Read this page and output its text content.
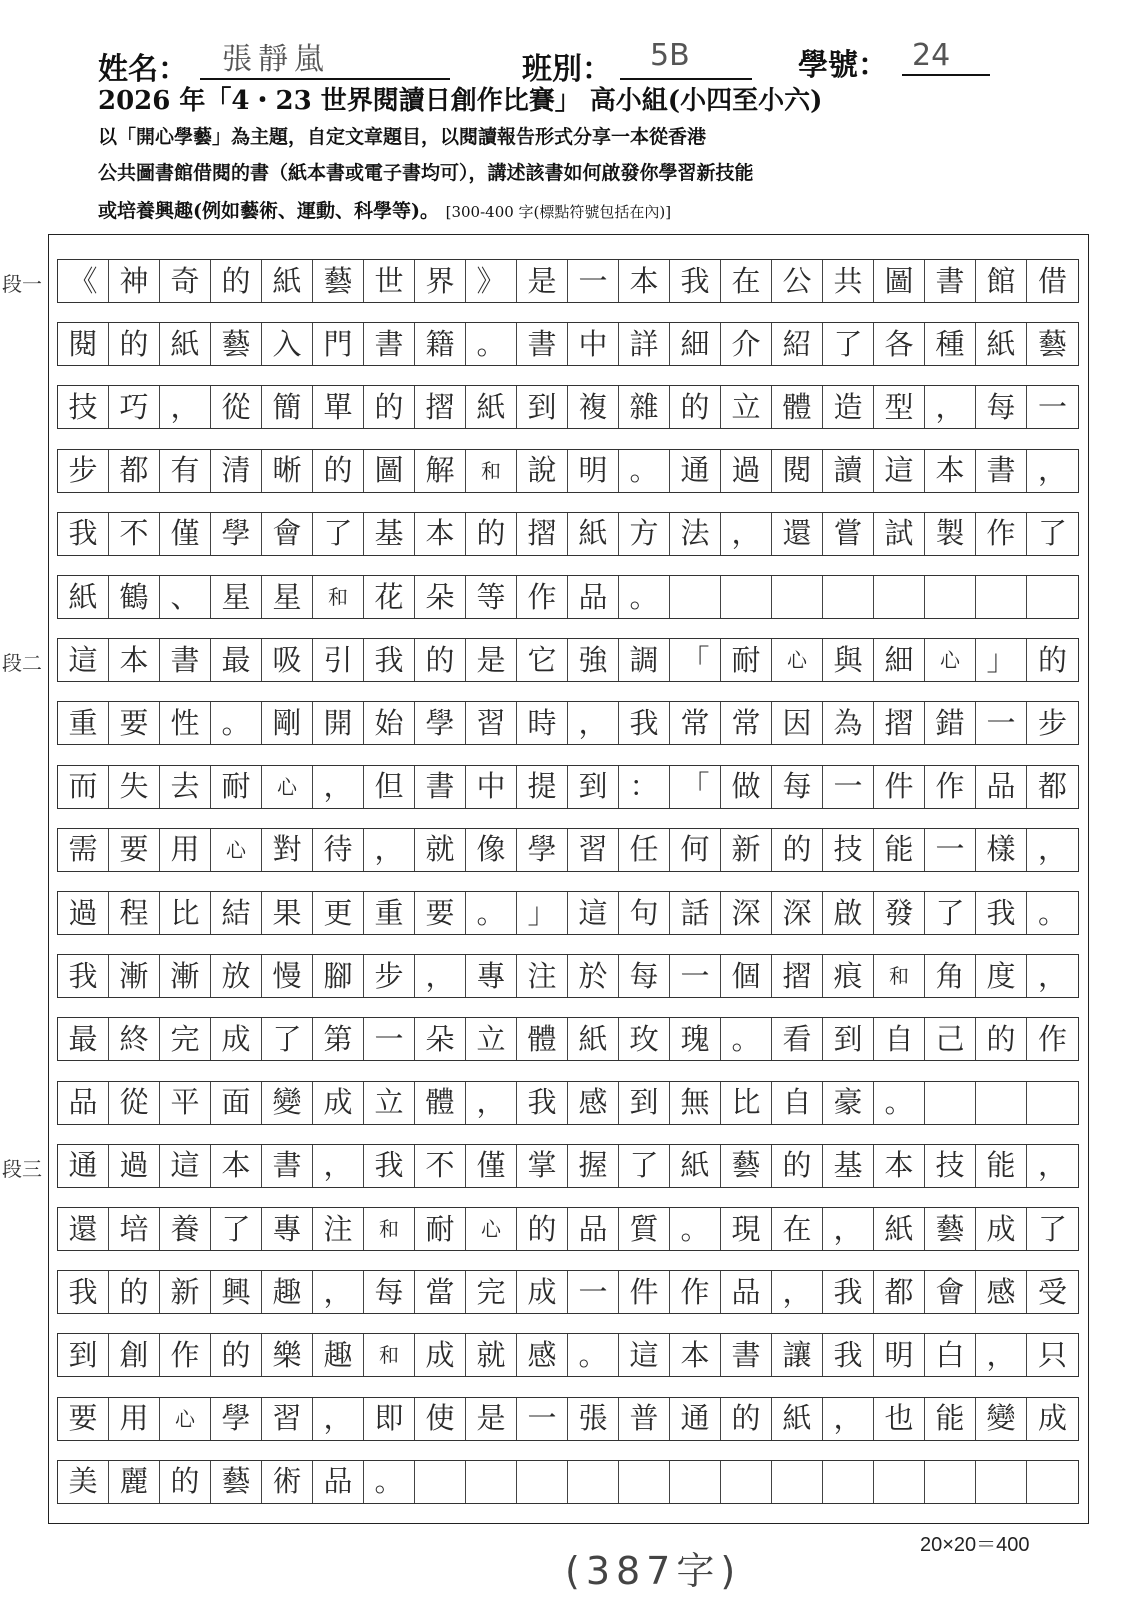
姓名： 張靜嵐	班別： 5B	學號： 24
2026 年「4・23 世界閱讀日創作比賽」 高小組(小四至小六)
以「開心學藝」為主題，自定文章題目，以閱讀報告形式分享一本從香港
公共圖書館借閱的書（紙本書或電子書均可），講述該書如何啟發你學習新技能
或培養興趣(例如藝術、運動、科學等)。 [300-400 字(標點符號包括在內)]
《 神 奇 的 紙 藝 世 界 》 是 一 本 我 在 公 共 圖 書 館 借
閱 的 紙 藝 入 門 書 籍 。 書 中 詳 細 介 紹 了 各 種 紙 藝
技 巧 ， 從 簡 單 的 摺 紙 到 複 雜 的 立 體 造 型 ， 每 一
步 都 有 清 晰 的 圖 解	和 說 明 。 通 過 閱 讀 這 本 書 ，
我 不 僅 學 會 了 基 本 的 摺 紙 方 法 ， 還 嘗 試 製 作 了
紙 鶴 、 星 星	和 花 朵 等 作 品 。
這 本 書 最 吸 引 我 的 是 它 強 調 「 耐	心 與 細	心 」 的
重 要 性 。 剛 開 始 學 習 時 ， 我 常 常 因 為 摺 錯 一 步
而 失 去 耐	心 ， 但 書 中 提 到 ： 「 做 每 一 件 作 品 都
需 要 用	心 對 待 ， 就 像 學 習 任 何 新 的 技 能 一 樣 ，
過 程 比 結 果 更 重 要 。 」 這 句 話 深 深 啟 發 了 我 。
我 漸 漸 放 慢 腳 步 ， 專 注 於 每 一 個 摺 痕	和 角 度 ，
最 終 完 成 了 第 一 朵 立 體 紙 玫 瑰 。 看 到 自 己 的 作
品 從 平 面 變 成 立 體 ， 我 感 到 無 比 自 豪 。
通 過 這 本 書 ， 我 不 僅 掌 握 了 紙 藝 的 基 本 技 能 ，
還 培 養 了 專 注	和 耐	心 的 品 質 。 現 在 ， 紙 藝 成 了
我 的 新 興 趣 ， 每 當 完 成 一 件 作 品 ， 我 都 會 感 受
到 創 作 的 樂 趣	和 成 就 感 。 這 本 書 讓 我 明 白 ， 只
要 用	心 學 習 ， 即 使 是 一 張 普 通 的 紙 ， 也 能 變 成
美 麗 的 藝 術 品 。
段一
段二
段三
20×20＝400
(387字)
